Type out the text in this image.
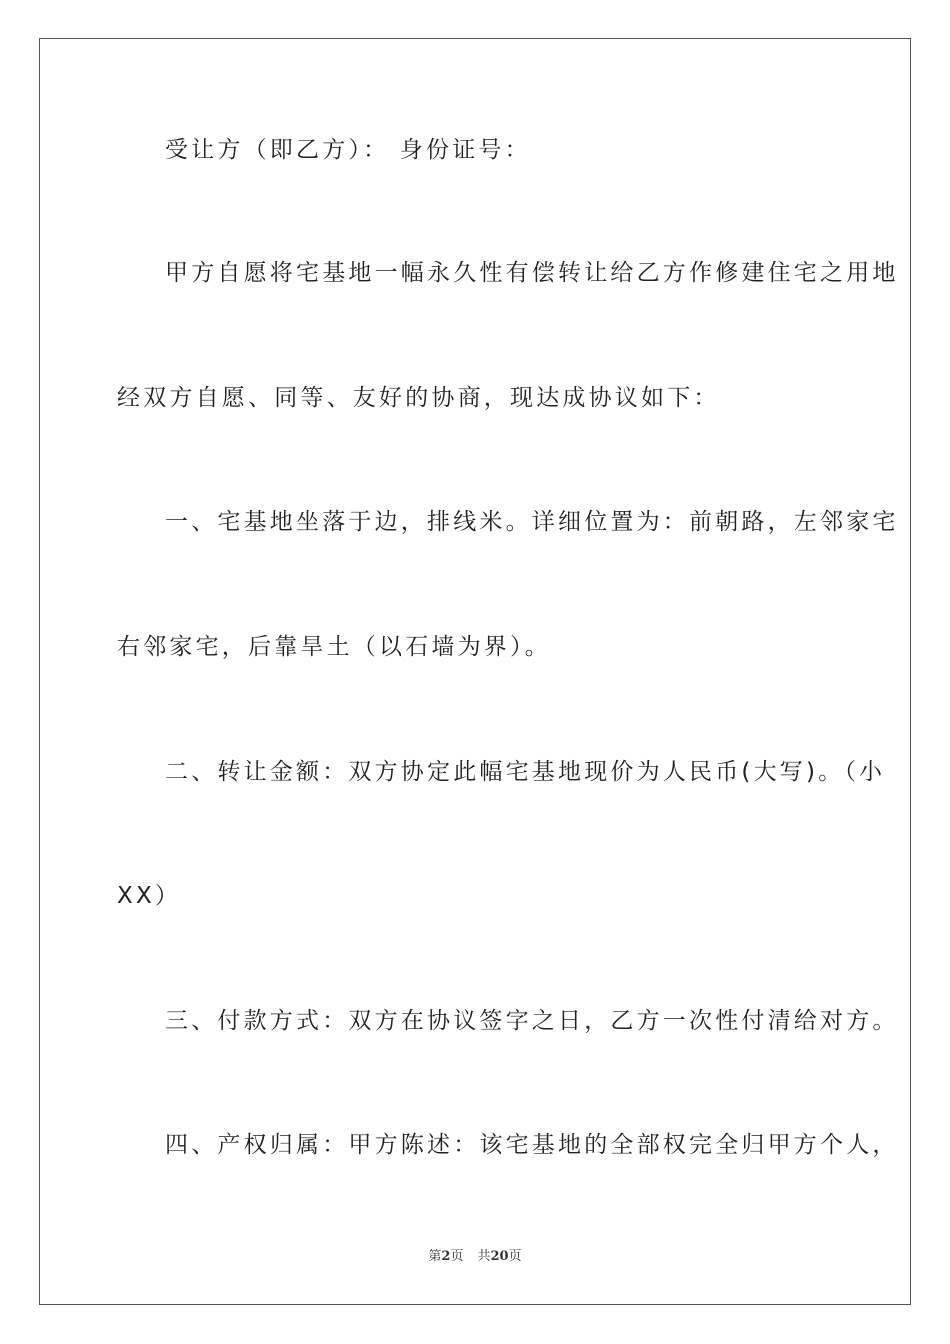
受让方（即乙方）： 身份证号：
甲方自愿将宅基地一幅永久性有偿转让给乙方作修建住宅之用地
经双方自愿、同等、友好的协商，现达成协议如下：
一、宅基地坐落于边，排线米。详细位置为：前朝路，左邻家宅
右邻家宅，后靠旱土（以石墙为界）。
二、转让金额：双方协定此幅宅基地现价为人民币(大写)。（小
XX）
三、付款方式：双方在协议签字之日，乙方一次性付清给对方。
四、产权归属：甲方陈述：该宅基地的全部权完全归甲方个人，
第2页 共20页
